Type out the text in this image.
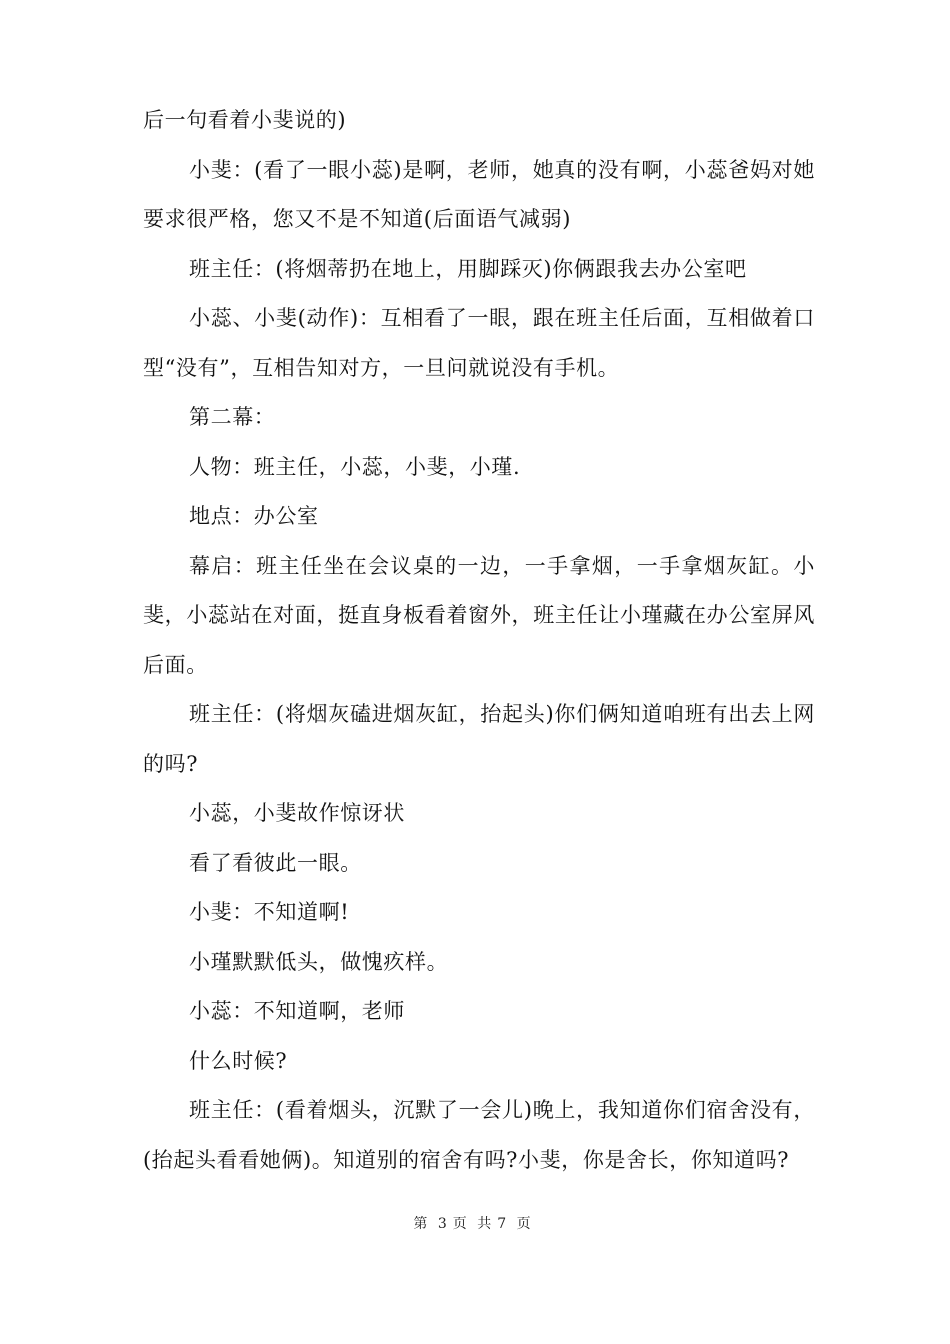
后一句看着小斐说的)

小斐：(看了一眼小蕊)是啊，老师，她真的没有啊，小蕊爸妈对她要求很严格，您又不是不知道(后面语气减弱)

班主任：(将烟蒂扔在地上，用脚踩灭)你俩跟我去办公室吧

小蕊、小斐(动作)：互相看了一眼，跟在班主任后面，互相做着口型“没有”，互相告知对方，一旦问就说没有手机。

第二幕：

人物：班主任，小蕊，小斐，小瑾.

地点：办公室

幕启：班主任坐在会议桌的一边，一手拿烟，一手拿烟灰缸。小斐，小蕊站在对面，挺直身板看着窗外，班主任让小瑾藏在办公室屏风后面。

班主任：(将烟灰磕进烟灰缸，抬起头)你们俩知道咱班有出去上网的吗?

小蕊，小斐故作惊讶状

看了看彼此一眼。

小斐：不知道啊!

小瑾默默低头，做愧疚样。

小蕊：不知道啊，老师

什么时候?

班主任：(看着烟头，沉默了一会儿)晚上，我知道你们宿舍没有，(抬起头看看她俩)。知道别的宿舍有吗?小斐，你是舍长，你知道吗?

第 3 页 共 7 页
